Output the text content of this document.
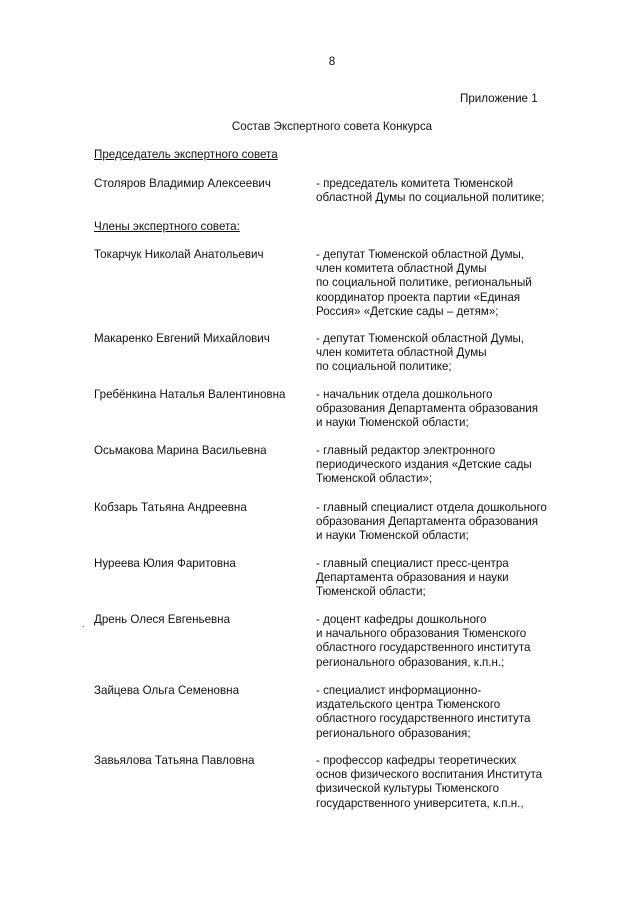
8
Приложение 1
Состав Экспертного совета Конкурса
Председатель экспертного совета
Столяров Владимир Алексеевич	- председатель комитета Тюменской
областной Думы по социальной политике;
Члены экспертного совета:
Токарчук Николай Анатольевич	- депутат Тюменской областной Думы,
член комитета областной Думы
по социальной политике, региональный
координатор проекта партии «Единая
Россия» «Детские сады – детям»;
Макаренко Евгений Михайлович	- депутат Тюменской областной Думы,
член комитета областной Думы
по социальной политике;
Гребёнкина Наталья Валентиновна	- начальник отдела дошкольного
образования Департамента образования
и науки Тюменской области;
Осьмакова Марина Васильевна	- главный редактор электронного
периодического издания «Детские сады
Тюменской области»;
Кобзарь Татьяна Андреевна	- главный специалист отдела дошкольного
образования Департамента образования
и науки Тюменской области;
Нуреева Юлия Фаритовна	- главный специалист пресс-центра
Департамента образования и науки
Тюменской области;
. Дрень Олеся Евгеньевна	- доцент кафедры дошкольного
и начального образования Тюменского
областного государственного института
регионального образования, к.п.н.;
Зайцева Ольга Семеновна	- специалист информационно-
издательского центра Тюменского
областного государственного института
регионального образования;
Завьялова Татьяна Павловна	- профессор кафедры теоретических
основ физического воспитания Института
физической культуры Тюменского
государственного университета, к.п.н.,
